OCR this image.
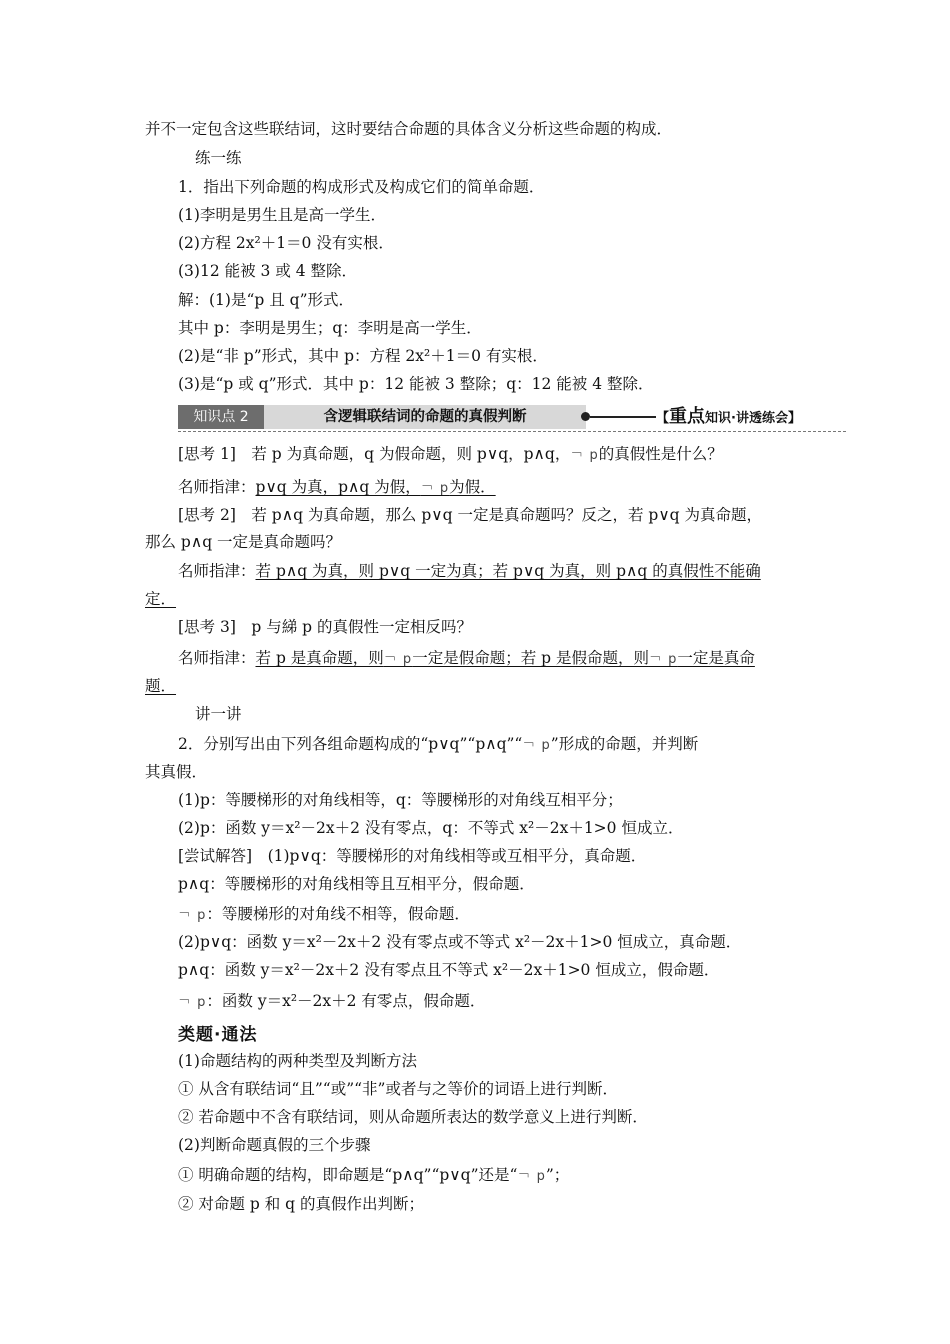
并不一定包含这些联结词，这时要结合命题的具体含义分析这些命题的构成．
练一练
1．指出下列命题的构成形式及构成它们的简单命题．
(1)李明是男生且是高一学生．
(2)方程 2x²＋1＝0 没有实根．
(3)12 能被 3 或 4 整除．
解：(1)是“p 且 q”形式．
其中 p：李明是男生；q：李明是高一学生．
(2)是“非 p”形式，其中 p：方程 2x²＋1＝0 有实根．
(3)是“p 或 q”形式．其中 p：12 能被 3 整除；q：12 能被 4 整除．
知识点 2	含逻辑联结词的命题的真假判断	【重点知识·讲透练会】
[思考 1]　若 p 为真命题，q 为假命题，则 p∨q，p∧q，￢ p的真假性是什么？
名师指津：p∨q 为真，p∧q 为假，￢ p为假．
[思考 2]　若 p∧q 为真命题，那么 p∨q 一定是真命题吗？反之，若 p∨q 为真命题，
那么 p∧q 一定是真命题吗？
名师指津：若 p∧q 为真，则 p∨q 一定为真；若 p∨q 为真，则 p∧q 的真假性不能确
定．
[思考 3]　p 与綈 p 的真假性一定相反吗？
名师指津：若 p 是真命题，则￢ p一定是假命题；若 p 是假命题，则￢ p一定是真命
题．
讲一讲
2．分别写出由下列各组命题构成的“p∨q”“p∧q”“￢ p”形成的命题，并判断
其真假．
(1)p：等腰梯形的对角线相等，q：等腰梯形的对角线互相平分；
(2)p：函数 y＝x²－2x＋2 没有零点，q：不等式 x²－2x＋1>0 恒成立．
[尝试解答]　(1)p∨q：等腰梯形的对角线相等或互相平分，真命题．
p∧q：等腰梯形的对角线相等且互相平分，假命题．
￢ p：等腰梯形的对角线不相等，假命题．
(2)p∨q：函数 y＝x²－2x＋2 没有零点或不等式 x²－2x＋1>0 恒成立，真命题．
p∧q：函数 y＝x²－2x＋2 没有零点且不等式 x²－2x＋1>0 恒成立，假命题．
￢ p：函数 y＝x²－2x＋2 有零点，假命题．
类题·通法
(1)命题结构的两种类型及判断方法
① 从含有联结词“且”“或”“非”或者与之等价的词语上进行判断．
② 若命题中不含有联结词，则从命题所表达的数学意义上进行判断．
(2)判断命题真假的三个步骤
① 明确命题的结构，即命题是“p∧q”“p∨q”还是“￢ p”；
② 对命题 p 和 q 的真假作出判断；
